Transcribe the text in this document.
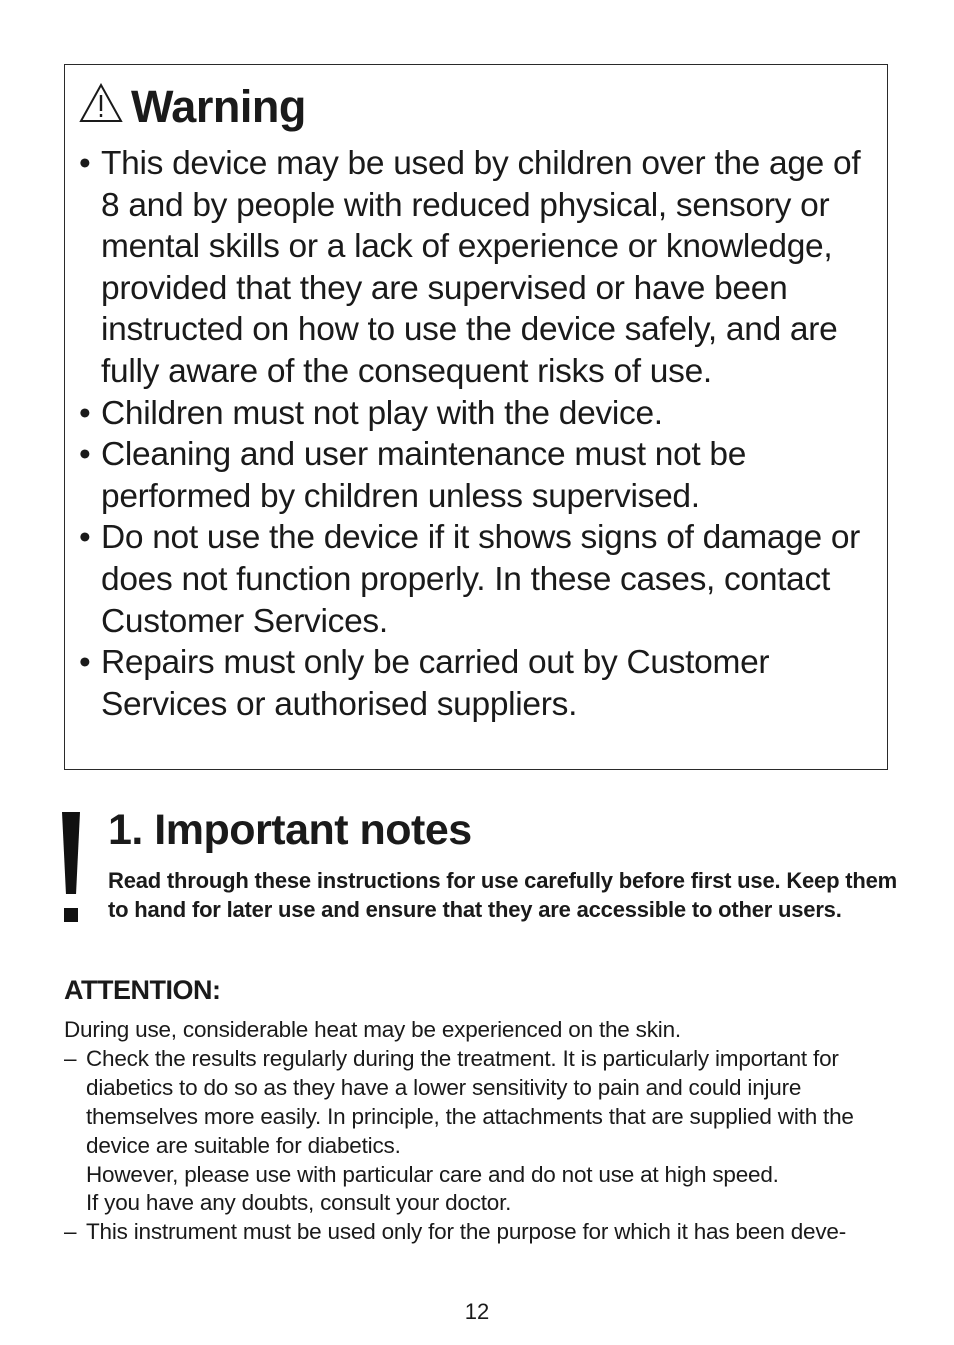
Warning
• This device may be used by children over the age of 8 and by people with reduced physical, sensory or mental skills or a lack of experience or knowledge, provided that they are supervised or have been instructed on how to use the device safely, and are fully aware of the consequent risks of use.
• Children must not play with the device.
• Cleaning and user maintenance must not be performed by children unless supervised.
• Do not use the device if it shows signs of damage or does not function properly. In these cases, contact Customer Services.
• Repairs must only be carried out by Customer Services or authorised suppliers.
1. Important notes

Read through these instructions for use carefully before first use. Keep them to hand for later use and ensure that they are accessible to other users.

ATTENTION:

During use, considerable heat may be experienced on the skin.

– Check the results regularly during the treatment. It is particularly important for diabetics to do so as they have a lower sensitivity to pain and could injure themselves more easily. In principle, the attachments that are supplied with the device are suitable for diabetics.
However, please use with particular care and do not use at high speed.
If you have any doubts, consult your doctor.
– This instrument must be used only for the purpose for which it has been deve-
12
